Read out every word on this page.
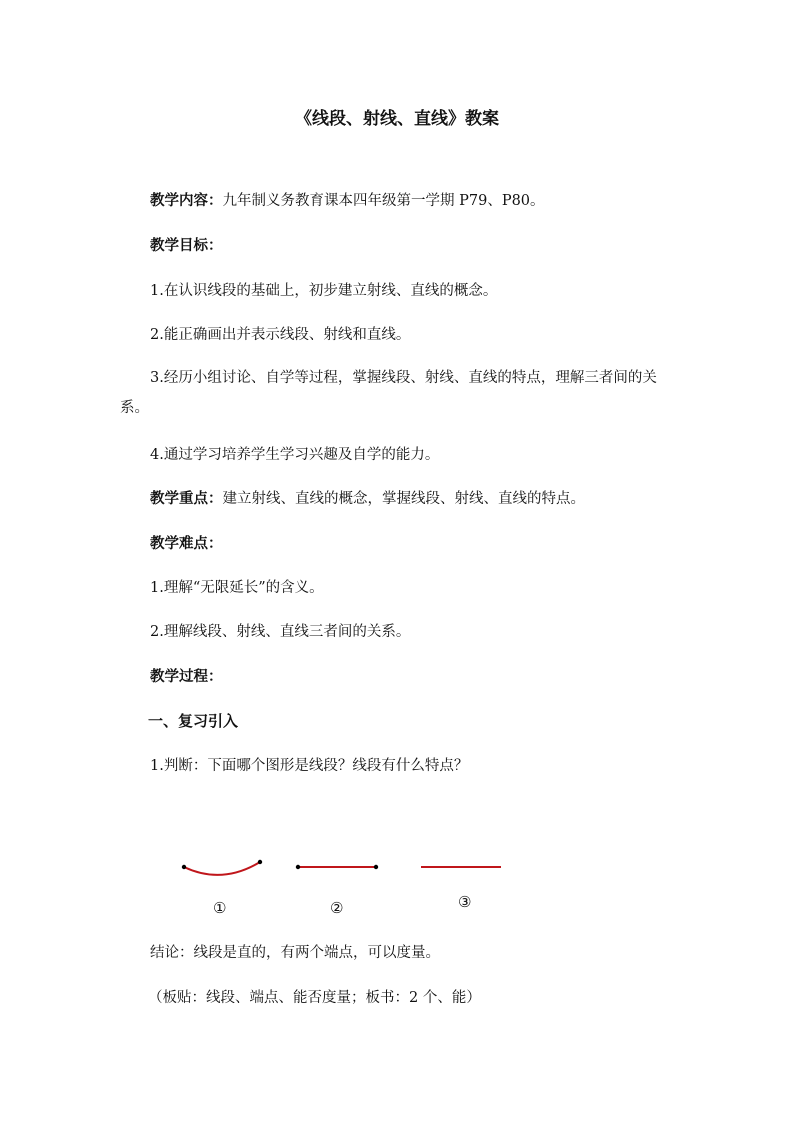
《线段、射线、直线》教案
教学内容：九年制义务教育课本四年级第一学期 P79、P80。
教学目标：
1.在认识线段的基础上，初步建立射线、直线的概念。
2.能正确画出并表示线段、射线和直线。
3.经历小组讨论、自学等过程，掌握线段、射线、直线的特点，理解三者间的关系。
4.通过学习培养学生学习兴趣及自学的能力。
教学重点：建立射线、直线的概念，掌握线段、射线、直线的特点。
教学难点：
1.理解“无限延长”的含义。
2.理解线段、射线、直线三者间的关系。
教学过程：
一、复习引入
1.判断：下面哪个图形是线段？线段有什么特点？
①	②	③
结论：线段是直的，有两个端点，可以度量。
（板贴：线段、端点、能否度量；板书：2 个、能）
